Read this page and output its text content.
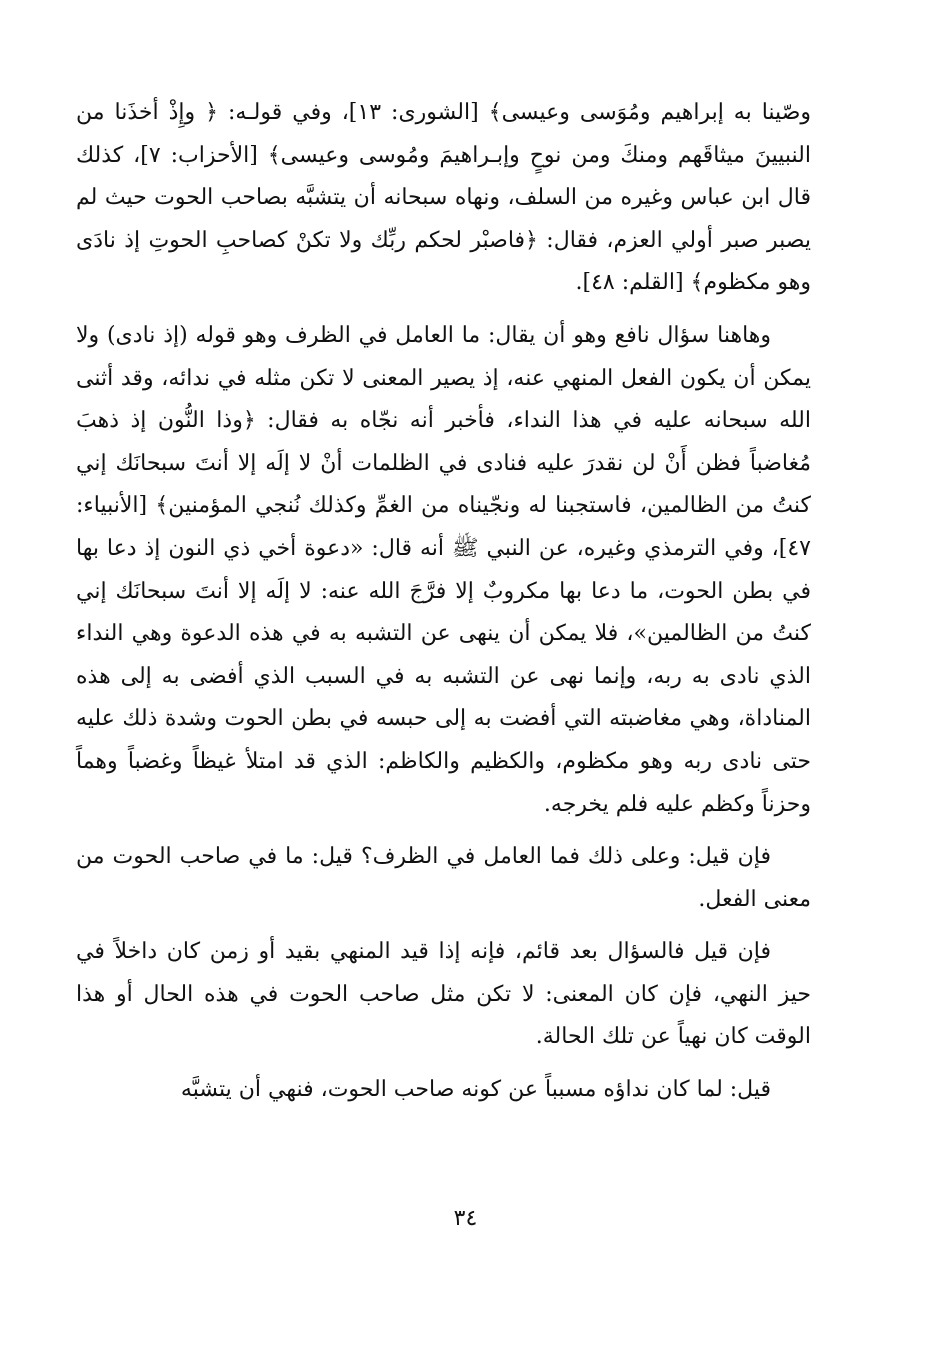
وصّينا به إبراهيم ومُوَسى وعيسى﴾ [الشورى: ١٣]، وفي قولـه: ﴿ وإِذْ أخذَنا من النبيينَ ميثاقَهم ومنكَ ومن نوحٍ وإبـراهيمَ ومُوسى وعيسى﴾ [الأحزاب: ٧]، كذلك قال ابن عباس وغيره من السلف، ونهاه سبحانه أن يتشبَّه بصاحب الحوت حيث لم يصبر صبر أولي العزم، فقال: ﴿فاصبْر لحكم ربِّك ولا تكنْ كصاحبِ الحوتِ إذ نادَى وهو مكظوم﴾ [القلم: ٤٨].

وهاهنا سؤال نافع وهو أن يقال: ما العامل في الظرف وهو قوله (إذ نادى) ولا يمكن أن يكون الفعل المنهي عنه، إذ يصير المعنى لا تكن مثله في ندائه، وقد أثنى الله سبحانه عليه في هذا النداء، فأخبر أنه نجّاه به فقال: ﴿وذا النُّون إذ ذهبَ مُغاضباً فظن أَنْ لن نقدرَ عليه فنادى في الظلمات أنْ لا إلَه إلا أنتَ سبحانَك إني كنتُ من الظالمين، فاستجبنا له ونجّيناه من الغمِّ وكذلك نُنجي المؤمنين﴾ [الأنبياء: ٤٧]، وفي الترمذي وغيره، عن النبي ﷺ أنه قال: «دعوة أخي ذي النون إذ دعا بها في بطن الحوت، ما دعا بها مكروبٌ إلا فرَّجَ الله عنه: لا إلَه إلا أنتَ سبحانَك إني كنتُ من الظالمين»، فلا يمكن أن ينهى عن التشبه به في هذه الدعوة وهي النداء الذي نادى به ربه، وإنما نهى عن التشبه به في السبب الذي أفضى به إلى هذه المناداة، وهي مغاضبته التي أفضت به إلى حبسه في بطن الحوت وشدة ذلك عليه حتى نادى ربه وهو مكظوم، والكظيم والكاظم: الذي قد امتلأ غيظاً وغضباً وهماً وحزناً وكظم عليه فلم يخرجه.

فإن قيل: وعلى ذلك فما العامل في الظرف؟ قيل: ما في صاحب الحوت من معنى الفعل.

فإن قيل فالسؤال بعد قائم، فإنه إذا قيد المنهي بقيد أو زمن كان داخلاً في حيز النهي، فإن كان المعنى: لا تكن مثل صاحب الحوت في هذه الحال أو هذا الوقت كان نهياً عن تلك الحالة.

قيل: لما كان نداؤه مسبباً عن كونه صاحب الحوت، فنهي أن يتشبَّه

٣٤
